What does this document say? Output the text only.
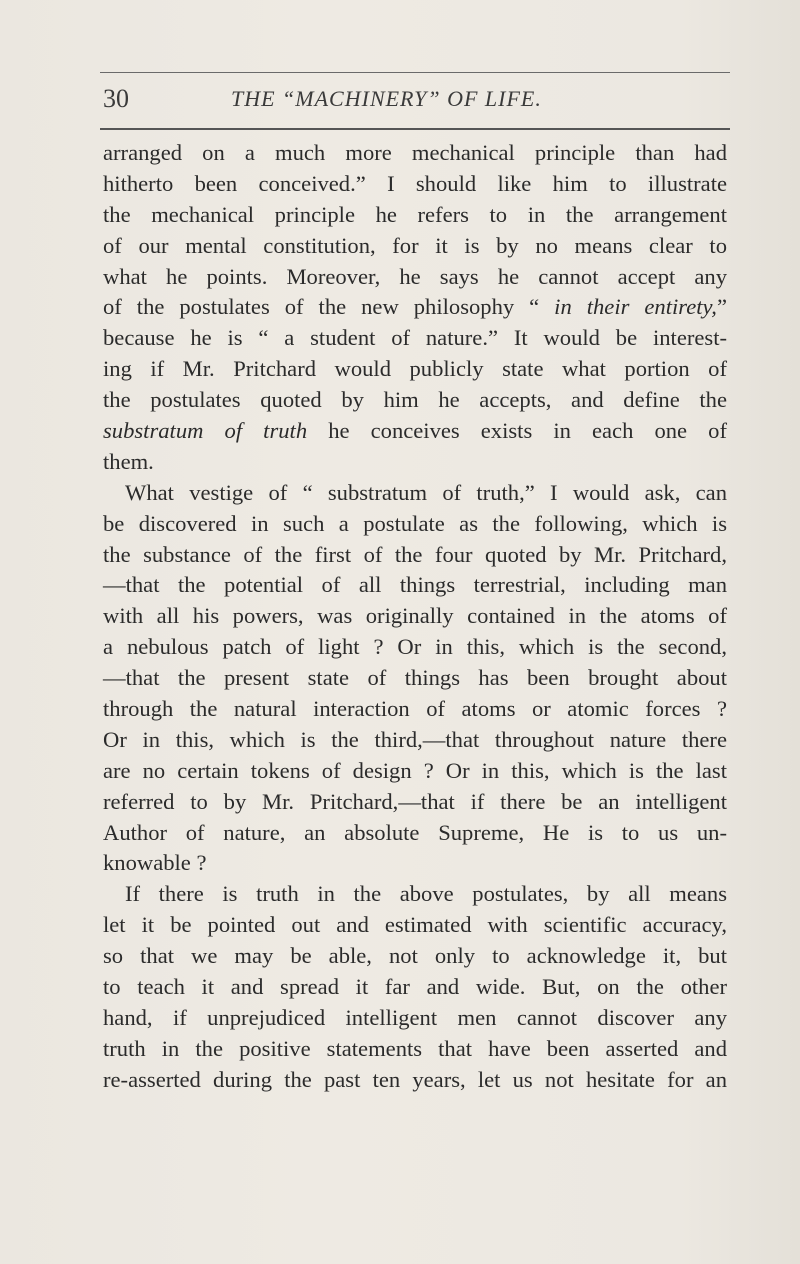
30	THE “MACHINERY” OF LIFE.
arranged on a much more mechanical principle than had
hitherto been conceived.” I should like him to illustrate
the mechanical principle he refers to in the arrangement
of our mental constitution, for it is by no means clear to
what he points. Moreover, he says he cannot accept any
of the postulates of the new philosophy “ in their entirety,”
because he is “ a student of nature.” It would be interest-
ing if Mr. Pritchard would publicly state what portion of
the postulates quoted by him he accepts, and define the
substratum of truth he conceives exists in each one of
them.
What vestige of “ substratum of truth,” I would ask, can
be discovered in such a postulate as the following, which is
the substance of the first of the four quoted by Mr. Pritchard,
—that the potential of all things terrestrial, including man
with all his powers, was originally contained in the atoms of
a nebulous patch of light ? Or in this, which is the second,
—that the present state of things has been brought about
through the natural interaction of atoms or atomic forces ?
Or in this, which is the third,—that throughout nature there
are no certain tokens of design ? Or in this, which is the last
referred to by Mr. Pritchard,—that if there be an intelligent
Author of nature, an absolute Supreme, He is to us un-
knowable ?
If there is truth in the above postulates, by all means
let it be pointed out and estimated with scientific accuracy,
so that we may be able, not only to acknowledge it, but
to teach it and spread it far and wide. But, on the other
hand, if unprejudiced intelligent men cannot discover any
truth in the positive statements that have been asserted and
re-asserted during the past ten years, let us not hesitate for an
